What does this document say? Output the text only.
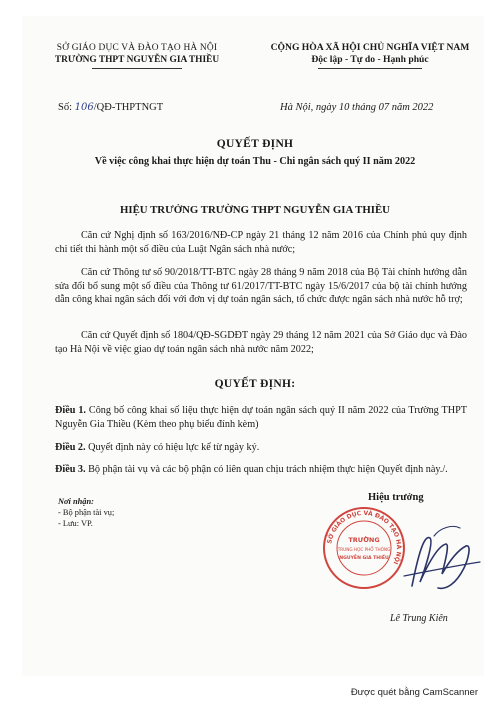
SỞ GIÁO DỤC VÀ ĐÀO TẠO HÀ NỘI
TRƯỜNG THPT NGUYỄN GIA THIỀU
CỘNG HÒA XÃ HỘI CHỦ NGHĨA VIỆT NAM
Độc lập - Tự do - Hạnh phúc
Số: 106/QĐ-THPTNGT	Hà Nội, ngày 10 tháng 07 năm 2022
QUYẾT ĐỊNH
Về việc công khai thực hiện dự toán Thu - Chi ngân sách quý II năm 2022
HIỆU TRƯỞNG TRƯỜNG THPT NGUYỄN GIA THIỀU
Căn cứ Nghị định số 163/2016/NĐ-CP ngày 21 tháng 12 năm 2016 của Chính phủ quy định chi tiết thi hành một số điều của Luật Ngân sách nhà nước;
Căn cứ Thông tư số 90/2018/TT-BTC ngày 28 tháng 9 năm 2018 của Bộ Tài chính hướng dẫn sửa đổi bổ sung một số điều của Thông tư 61/2017/TT-BTC ngày 15/6/2017 của bộ tài chính hướng dẫn công khai ngân sách đối với đơn vị dự toán ngân sách, tổ chức được ngân sách nhà nước hỗ trợ;
Căn cứ Quyết định số 1804/QĐ-SGDĐT ngày 29 tháng 12 năm 2021 của Sở Giáo dục và Đào tạo Hà Nội về việc giao dự toán ngân sách nhà nước năm 2022;
QUYẾT ĐỊNH:
Điều 1. Công bố công khai số liệu thực hiện dự toán ngân sách quý II năm 2022 của Trường THPT Nguyễn Gia Thiều (Kèm theo phụ biểu đính kèm)
Điều 2. Quyết định này có hiệu lực kể từ ngày ký.
Điều 3. Bộ phận tài vụ và các bộ phận có liên quan chịu trách nhiệm thực hiện Quyết định này./.
Nơi nhận:
- Bộ phận tài vụ;
- Lưu: VP.
Hiệu trưởng
SỞ GIÁO DỤC VÀ ĐÀO TẠO HÀ NỘI
TRƯỜNG
TRUNG HỌC PHỔ THÔNG
NGUYỄN GIA THIỀU
Lê Trung Kiên
Được quét bằng CamScanner
